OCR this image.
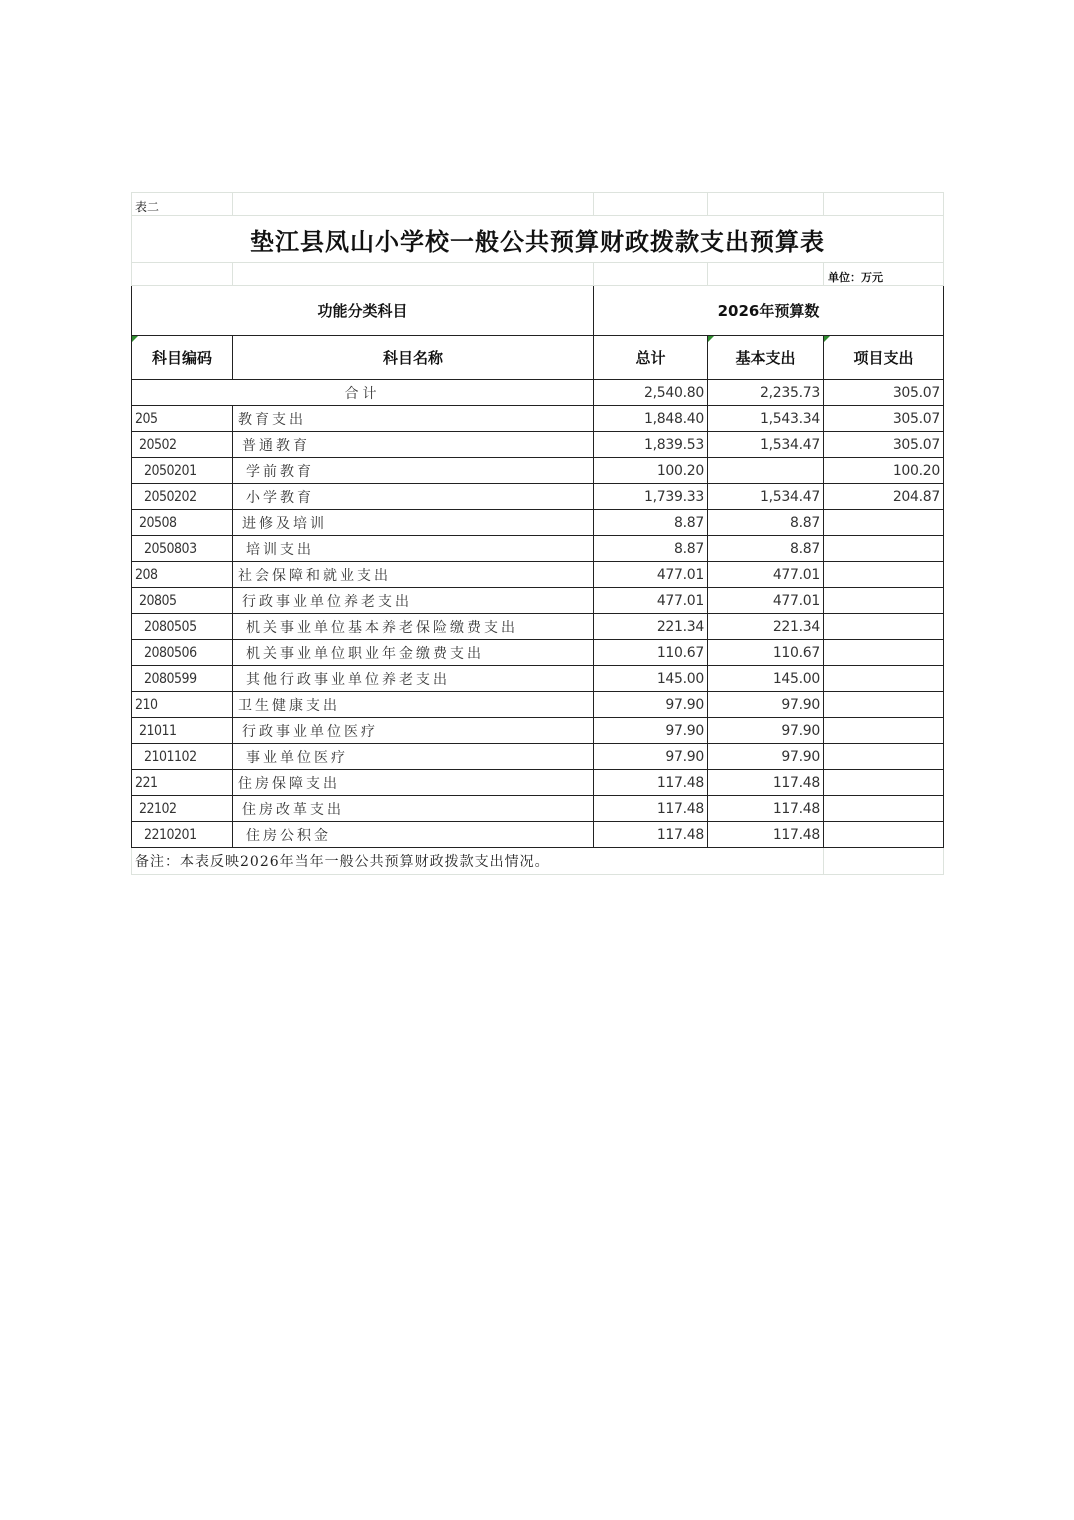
表二				
垫江县凤山小学校一般公共预算财政拨款支出预算表				
				单位：万元
功能分类科目		2026年预算数		

科目编码	科目名称	总计	基本支出	项目支出
合计		2,540.80	2,235.73	305.07
205	教育支出	1,848.40	1,543.34	305.07
20502	普通教育	1,839.53	1,534.47	305.07
2050201	学前教育	100.20		100.20
2050202	小学教育	1,739.33	1,534.47	204.87
20508	进修及培训	8.87	8.87	
2050803	培训支出	8.87	8.87	
208	社会保障和就业支出	477.01	477.01	
20805	行政事业单位养老支出	477.01	477.01	
2080505	机关事业单位基本养老保险缴费支出	221.34	221.34	
2080506	机关事业单位职业年金缴费支出	110.67	110.67	
2080599	其他行政事业单位养老支出	145.00	145.00	
210	卫生健康支出	97.90	97.90	
21011	行政事业单位医疗	97.90	97.90	
2101102	事业单位医疗	97.90	97.90	
221	住房保障支出	117.48	117.48	
22102	住房改革支出	117.48	117.48	
2210201	住房公积金	117.48	117.48	
备注：本表反映2026年当年一般公共预算财政拨款支出情况。				
